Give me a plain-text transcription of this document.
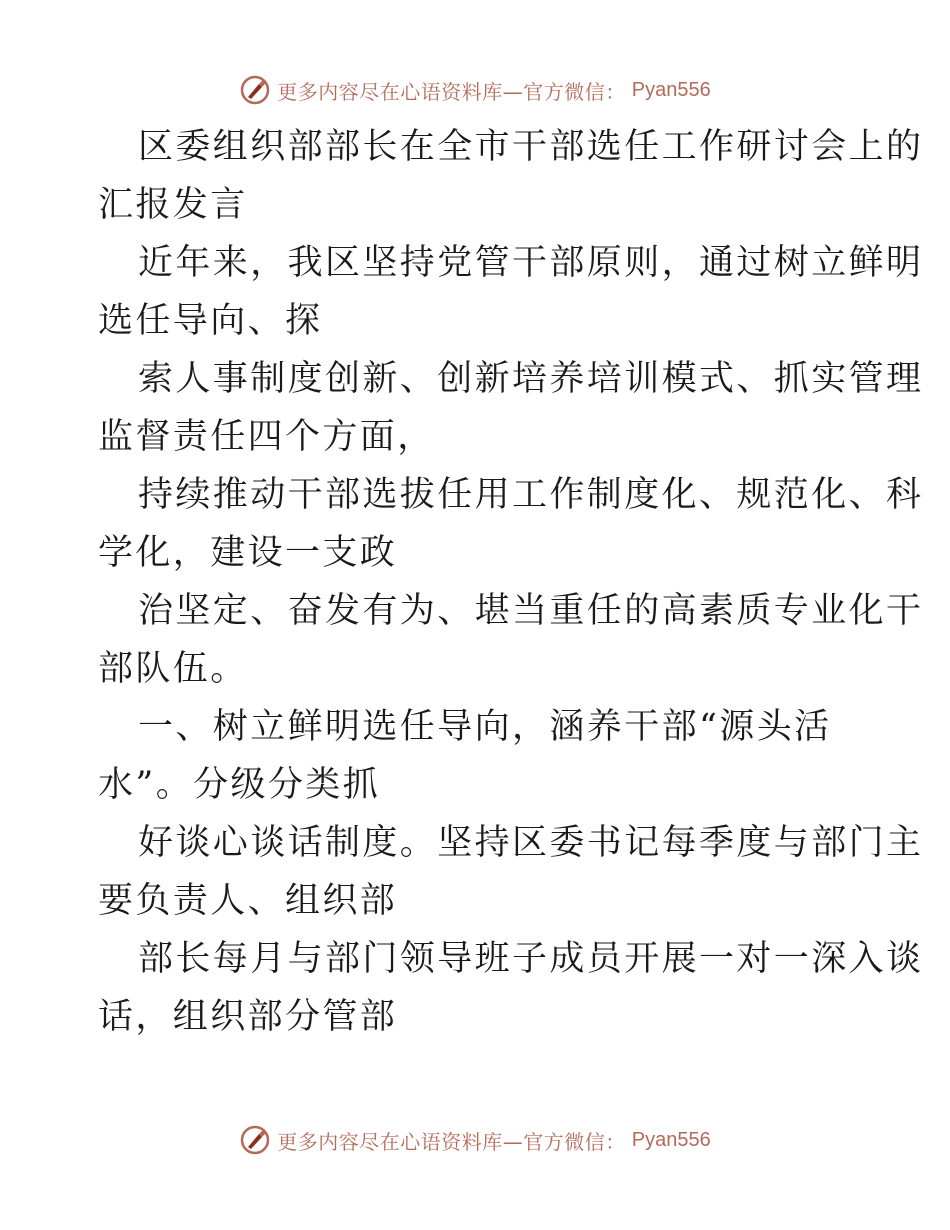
更多内容尽在心语资料库—官方微信： Pyan556

区委组织部部长在全市干部选任工作研讨会上的
汇报发言

近年来，我区坚持党管干部原则，通过树立鲜明
选任导向、探

索人事制度创新、创新培养培训模式、抓实管理
监督责任四个方面，

持续推动干部选拔任用工作制度化、规范化、科
学化，建设一支政

治坚定、奋发有为、堪当重任的高素质专业化干
部队伍。

一、树立鲜明选任导向，涵养干部“源头活
水”。分级分类抓

好谈心谈话制度。坚持区委书记每季度与部门主
要负责人、组织部

部长每月与部门领导班子成员开展一对一深入谈
话，组织部分管部

更多内容尽在心语资料库—官方微信： Pyan556
